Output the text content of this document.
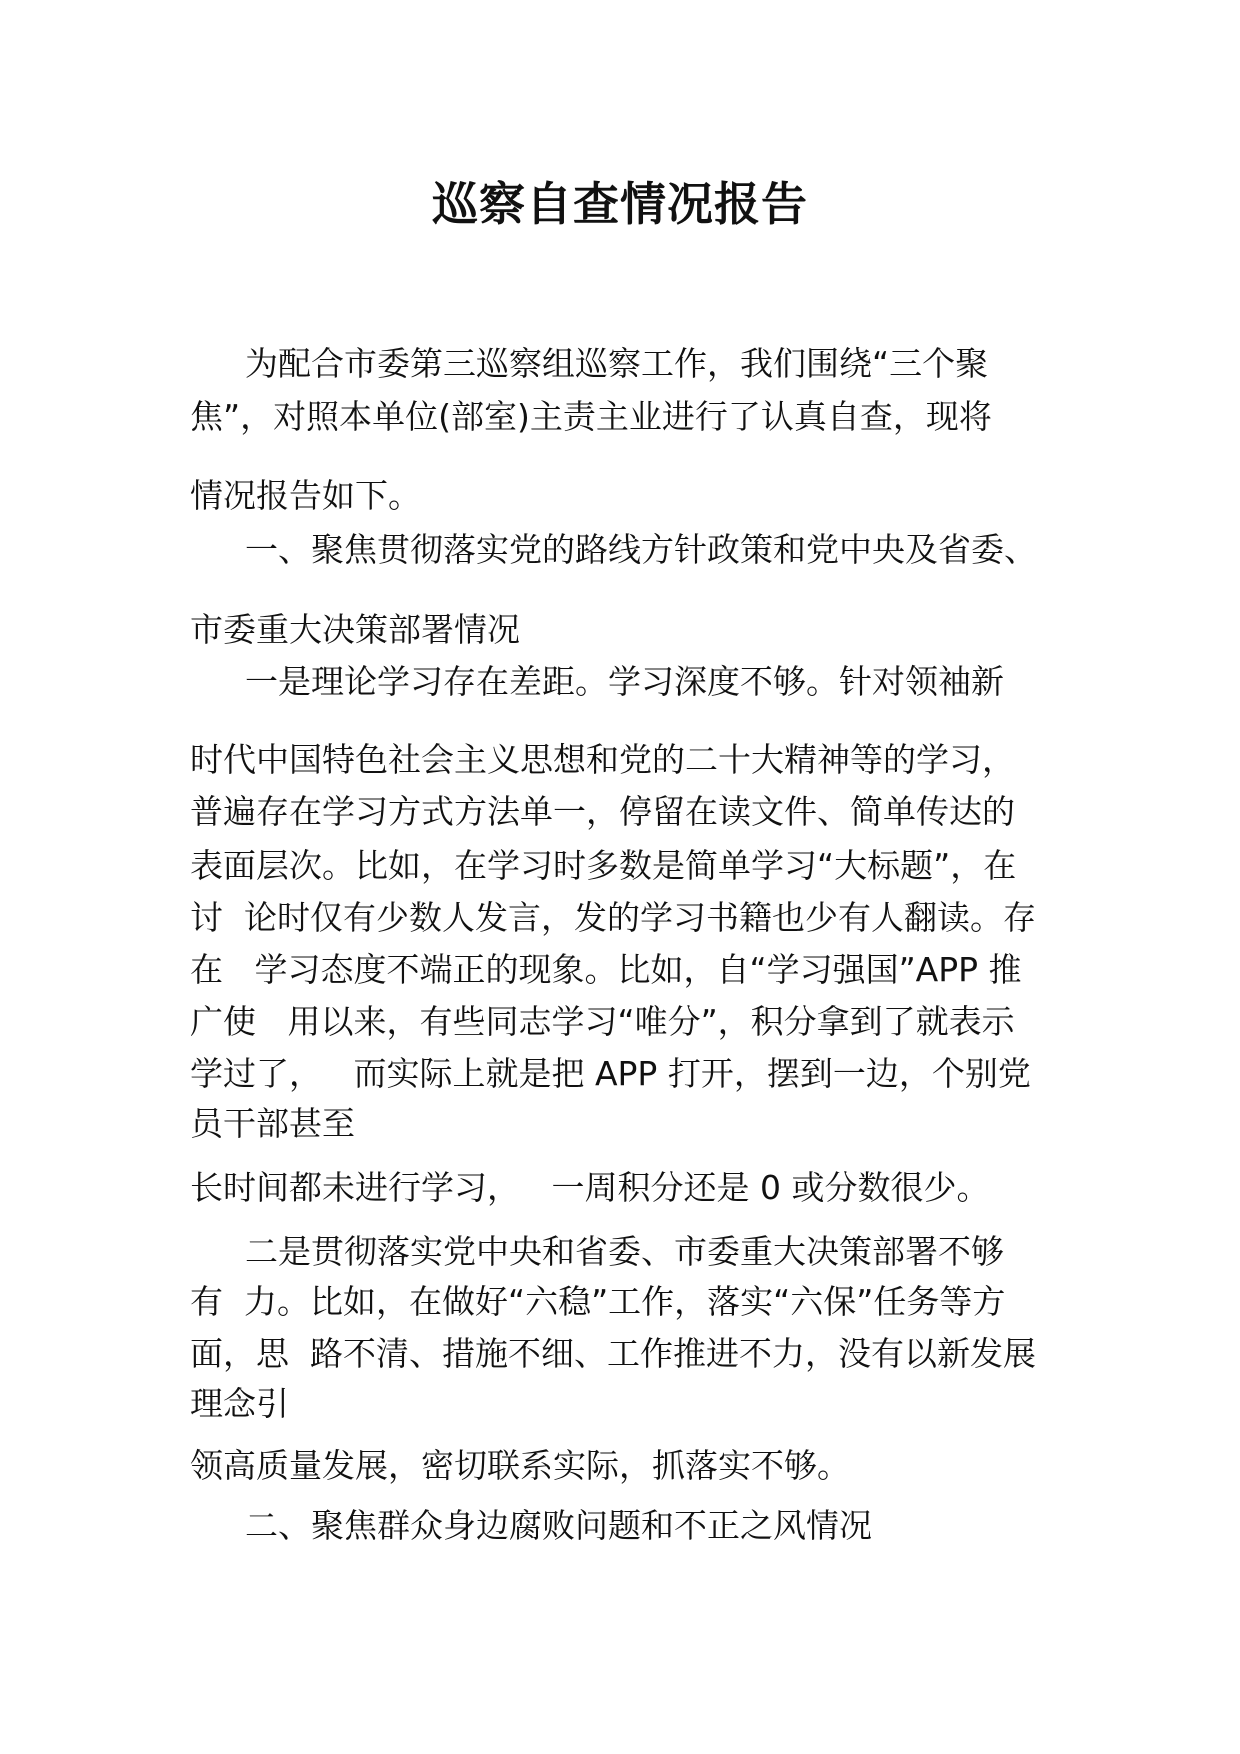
巡察自查情况报告
为配合市委第三巡察组巡察工作，我们围绕“三个聚
焦”，对照本单位(部室)主责主业进行了认真自查，现将
情况报告如下。
一、聚焦贯彻落实党的路线方针政策和党中央及省委、
市委重大决策部署情况
一是理论学习存在差距。学习深度不够。针对领袖新
时代中国特色社会主义思想和党的二十大精神等的学习，
普遍存在学习方式方法单一，停留在读文件、简单传达的
表面层次。比如，在学习时多数是简单学习“大标题”，在
讨  论时仅有少数人发言，发的学习书籍也少有人翻读。存
在   学习态度不端正的现象。比如，自“学习强国”APP 推
广使   用以来，有些同志学习“唯分”，积分拿到了就表示
学过了，   而实际上就是把 APP 打开，摆到一边，个别党
员干部甚至
长时间都未进行学习，   一周积分还是 0 或分数很少。
二是贯彻落实党中央和省委、市委重大决策部署不够
有  力。比如，在做好“六稳”工作，落实“六保”任务等方
面，思  路不清、措施不细、工作推进不力，没有以新发展
理念引
领高质量发展，密切联系实际，抓落实不够。
二、聚焦群众身边腐败问题和不正之风情况
